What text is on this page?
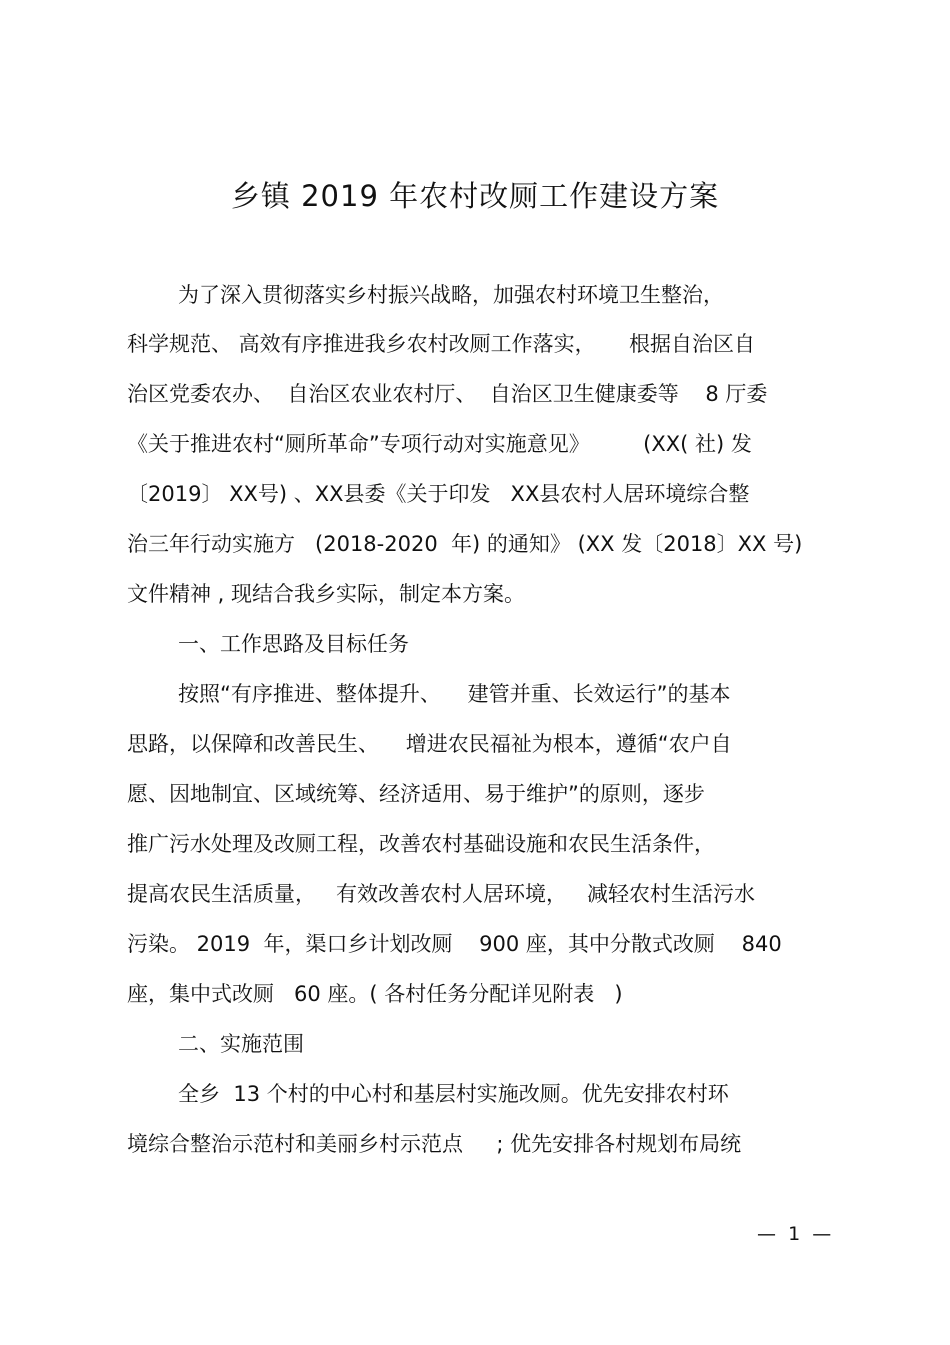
乡镇 2019 年农村改厕工作建设方案
为了深入贯彻落实乡村振兴战略，加强农村环境卫生整治，
科学规范、 高效有序推进我乡农村改厕工作落实，     根据自治区自
治区党委农办、  自治区农业农村厅、  自治区卫生健康委等    8 厅委
《关于推进农村“厕所革命”专项行动对实施意见》        (XX( 社) 发
〔2019〕 XX号) 、XX县委《关于印发   XX县农村人居环境综合整
治三年行动实施方   (2018-2020  年) 的通知》 (XX 发〔2018〕XX 号)
文件精神 , 现结合我乡实际，制定本方案。
一、工作思路及目标任务
按照“有序推进、整体提升、    建管并重、长效运行”的基本
思路，以保障和改善民生、    增进农民福祉为根本，遵循“农户自
愿、因地制宜、区域统筹、经济适用、易于维护”的原则，逐步
推广污水处理及改厕工程，改善农村基础设施和农民生活条件，
提高农民生活质量，   有效改善农村人居环境，   减轻农村生活污水
污染。 2019  年，渠口乡计划改厕    900 座，其中分散式改厕    840
座，集中式改厕   60 座。( 各村任务分配详见附表   )
二、实施范围
全乡  13 个村的中心村和基层村实施改厕。优先安排农村环
境综合整治示范村和美丽乡村示范点     ; 优先安排各村规划布局统
—  1  —
